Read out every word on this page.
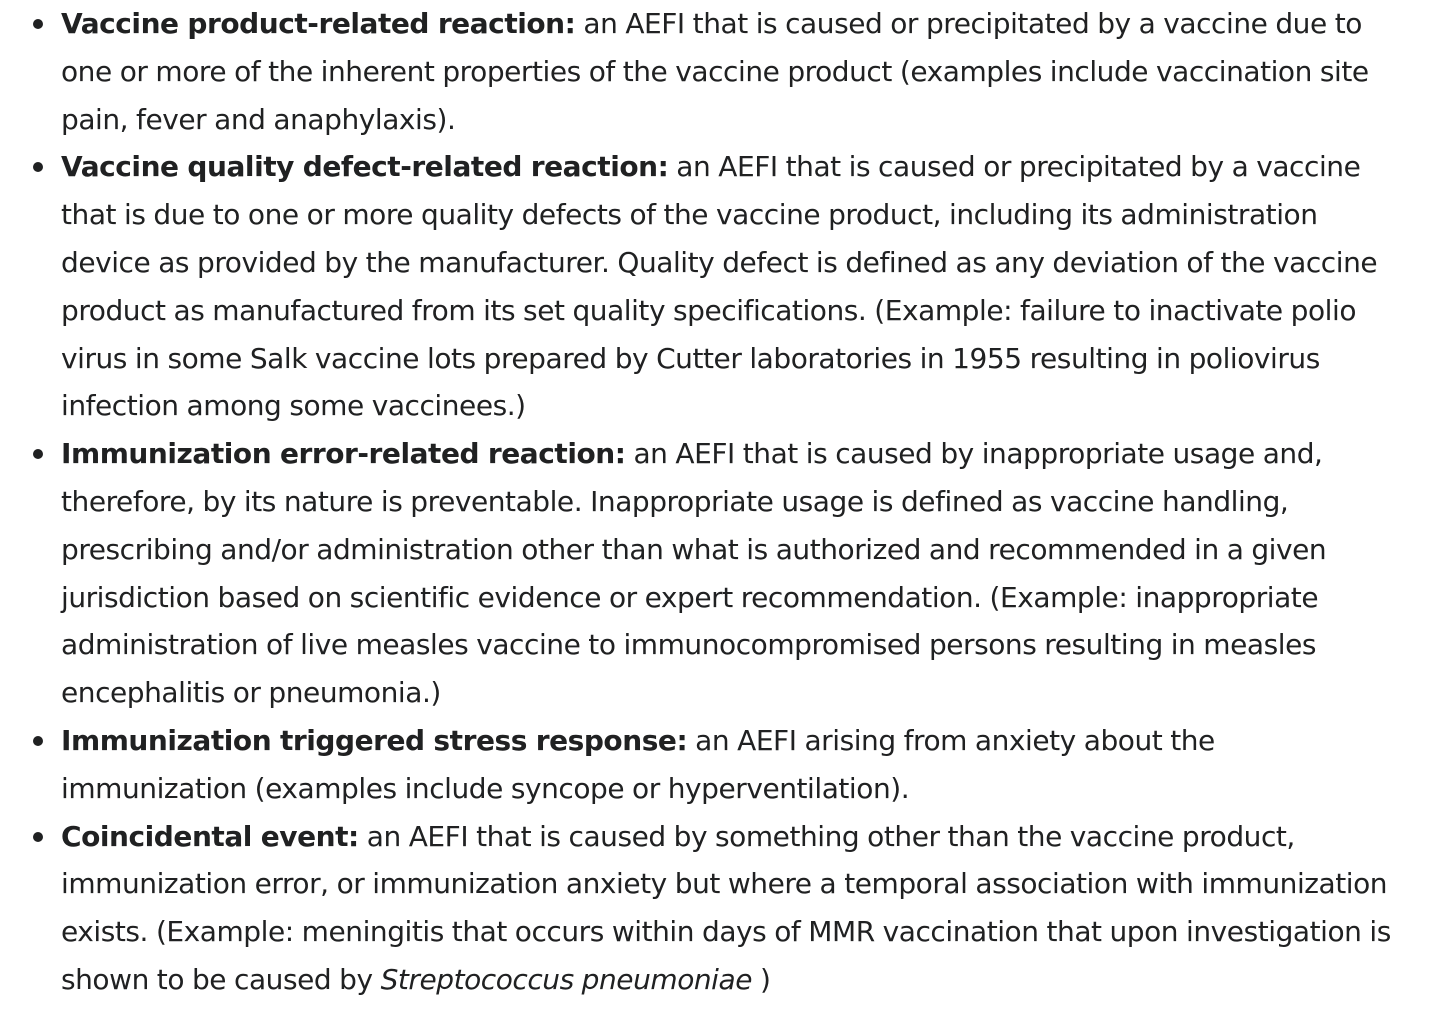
Vaccine product-related reaction: an AEFI that is caused or precipitated by a vaccine due to one or more of the inherent properties of the vaccine product (examples include vaccination site pain, fever and anaphylaxis).
Vaccine quality defect-related reaction: an AEFI that is caused or precipitated by a vaccine that is due to one or more quality defects of the vaccine product, including its administration device as provided by the manufacturer. Quality defect is defined as any deviation of the vaccine product as manufactured from its set quality specifications. (Example: failure to inactivate polio virus in some Salk vaccine lots prepared by Cutter laboratories in 1955 resulting in poliovirus infection among some vaccinees.)
Immunization error-related reaction: an AEFI that is caused by inappropriate usage and, therefore, by its nature is preventable. Inappropriate usage is defined as vaccine handling, prescribing and/or administration other than what is authorized and recommended in a given jurisdiction based on scientific evidence or expert recommendation. (Example: inappropriate administration of live measles vaccine to immunocompromised persons resulting in measles encephalitis or pneumonia.)
Immunization triggered stress response: an AEFI arising from anxiety about the immunization (examples include syncope or hyperventilation).
Coincidental event: an AEFI that is caused by something other than the vaccine product, immunization error, or immunization anxiety but where a temporal association with immunization exists. (Example: meningitis that occurs within days of MMR vaccination that upon investigation is shown to be caused by Streptococcus pneumoniae )
